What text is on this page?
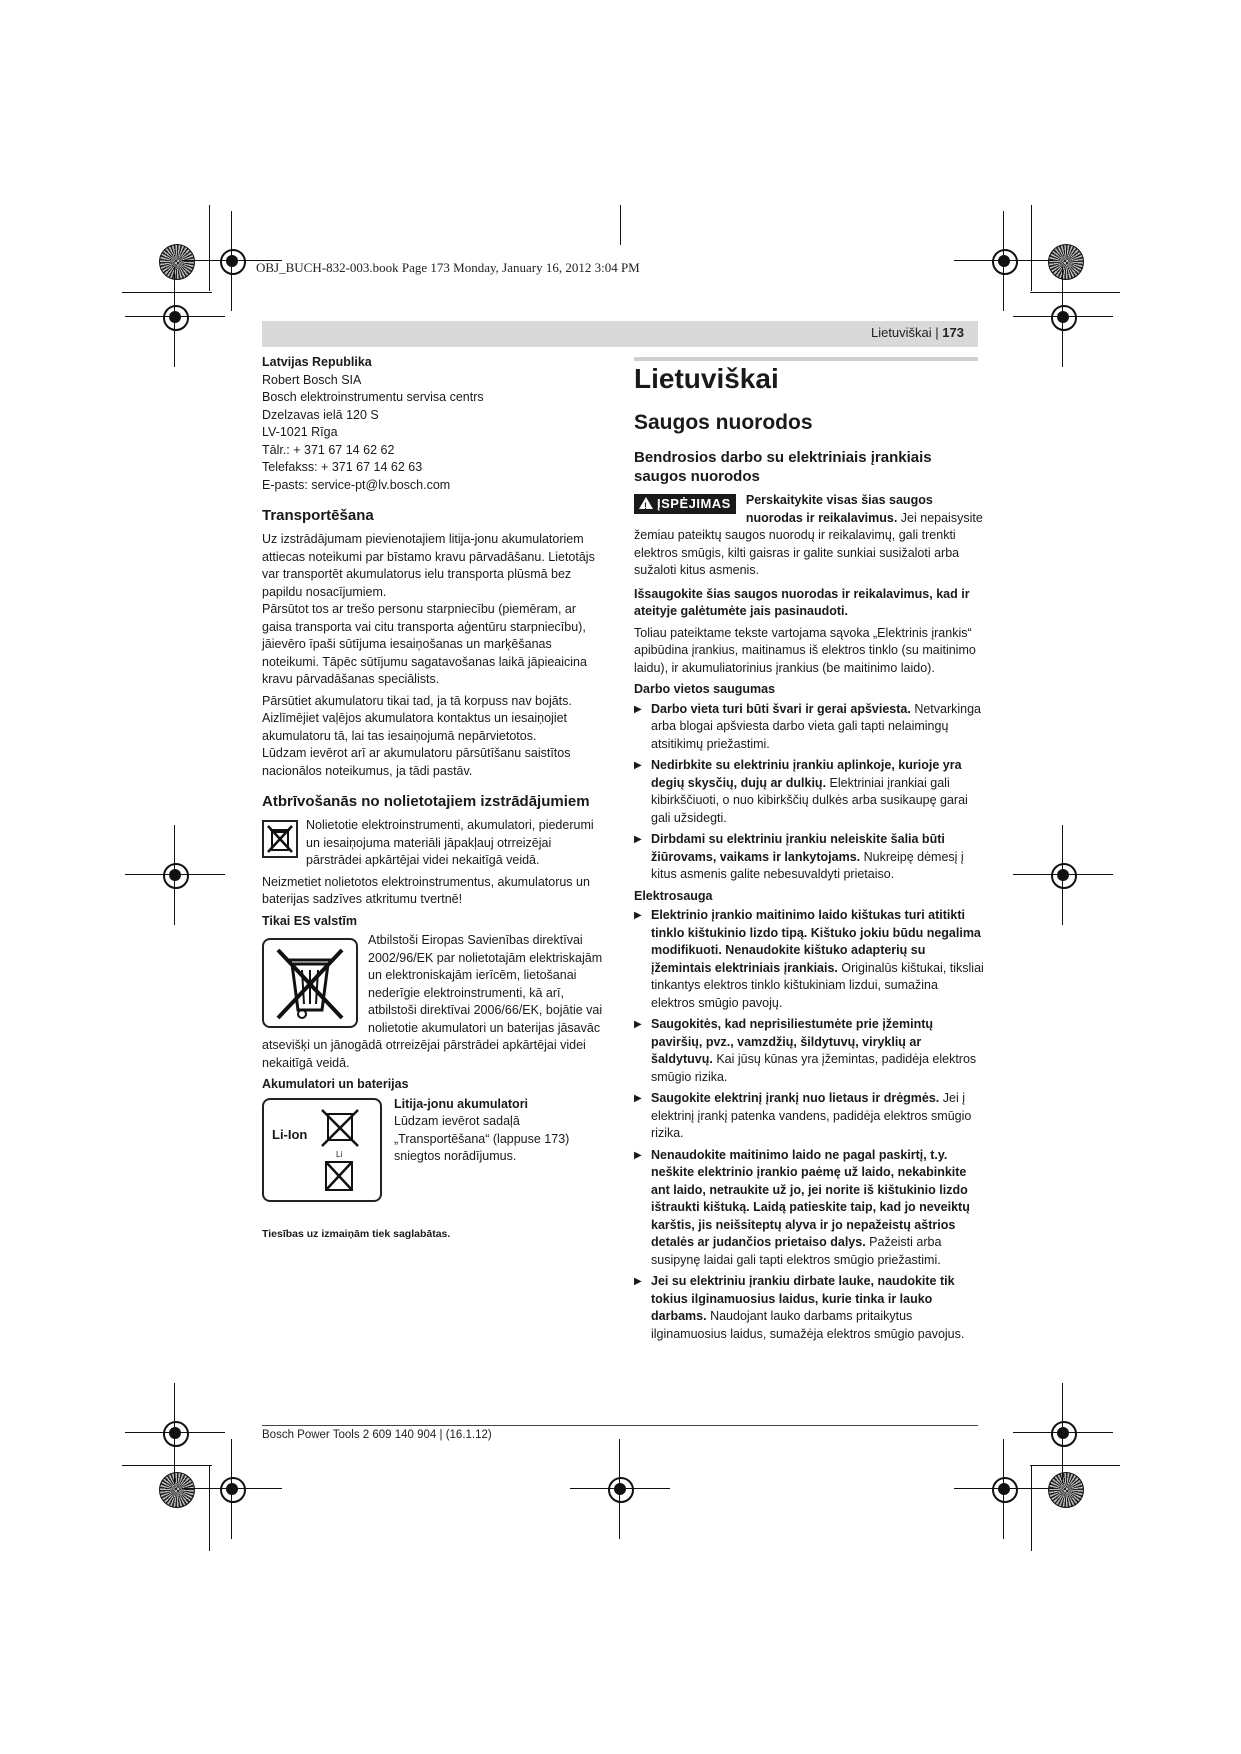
OBJ_BUCH-832-003.book Page 173 Monday, January 16, 2012 3:04 PM
Lietuviškai | 173
Latvijas Republika
Robert Bosch SIA
Bosch elektroinstrumentu servisa centrs
Dzelzavas ielā 120 S
LV-1021 Rīga
Tālr.: + 371 67 14 62 62
Telefakss: + 371 67 14 62 63
E-pasts: service-pt@lv.bosch.com
Transportēšana

Uz izstrādājumam pievienotajiem litija-jonu akumulatoriem attiecas noteikumi par bīstamo kravu pārvadāšanu. Lietotājs var transportēt akumulatorus ielu transporta plūsmā bez papildu nosacījumiem.

Pārsūtot tos ar trešo personu starpniecību (piemēram, ar gaisa transporta vai citu transporta aģentūru starpniecību), jāievēro īpaši sūtījuma iesaiņošanas un marķēšanas noteikumi. Tāpēc sūtījumu sagatavošanas laikā jāpieaicina kravu pārvadāšanas speciālists.

Pārsūtiet akumulatoru tikai tad, ja tā korpuss nav bojāts. Aizlīmējiet vaļējos akumulatora kontaktus un iesaiņojiet akumulatoru tā, lai tas iesaiņojumā nepārvietotos.

Lūdzam ievērot arī ar akumulatoru pārsūtīšanu saistītos nacionālos noteikumus, ja tādi pastāv.

Atbrīvošanās no nolietotajiem izstrādājumiem

Nolietotie elektroinstrumenti, akumulatori, piederumi un iesaiņojuma materiāli jāpakļauj otrreizējai pārstrādei apkārtējai videi nekaitīgā veidā.

Neizmetiet nolietotos elektroinstrumentus, akumulatorus un baterijas sadzīves atkritumu tvertnē!

Tikai ES valstīm

Atbilstoši Eiropas Savienības direktīvai 2002/96/EK par nolietotajām elektriskajām un elektroniskajām ierīcēm, lietošanai nederīgie elektroinstrumenti, kā arī, atbilstoši direktīvai 2006/66/EK, bojātie vai nolietotie akumulatori un baterijas jāsavāc atsevišķi un jānogādā otrreizējai pārstrādei apkārtējai videi nekaitīgā veidā.

Akumulatori un baterijas
Li-Ion
Li
Litija-jonu akumulatori

Lūdzam ievērot sadaļā „Transportēšana“ (lappuse 173) sniegtos norādījumus.

Tiesības uz izmaiņām tiek saglabātas.
Lietuviškai
Saugos nuorodos
Bendrosios darbo su elektriniais įrankiais saugos nuorodos
!ĮSPĖJIMAS	Perskaitykite visas šias saugos nuorodas ir reikalavimus. Jei nepaisysite žemiau pateiktų saugos nuorodų ir reikalavimų, gali trenkti elektros smūgis, kilti gaisras ir galite sunkiai susižaloti arba sužaloti kitus asmenis.

Išsaugokite šias saugos nuorodas ir reikalavimus, kad ir ateityje galėtumėte jais pasinaudoti.

Toliau pateiktame tekste vartojama sąvoka „Elektrinis įrankis“ apibūdina įrankius, maitinamus iš elektros tinklo (su maitinimo laidu), ir akumuliatorinius įrankius (be maitinimo laido).

Darbo vietos saugumas
▶ Darbo vieta turi būti švari ir gerai apšviesta. Netvarkinga arba blogai apšviesta darbo vieta gali tapti nelaimingų atsitikimų priežastimi.
▶ Nedirbkite su elektriniu įrankiu aplinkoje, kurioje yra degių skysčių, dujų ar dulkių. Elektriniai įrankiai gali kibirkščiuoti, o nuo kibirkščių dulkės arba susikaupę garai gali užsidegti.
▶ Dirbdami su elektriniu įrankiu neleiskite šalia būti žiūrovams, vaikams ir lankytojams. Nukreipę dėmesį į kitus asmenis galite nebesuvaldyti prietaiso.
Elektrosauga
▶ Elektrinio įrankio maitinimo laido kištukas turi atitikti tinklo kištukinio lizdo tipą. Kištuko jokiu būdu negalima modifikuoti. Nenaudokite kištuko adapterių su įžemintais elektriniais įrankiais. Originalūs kištukai, tiksliai tinkantys elektros tinklo kištukiniam lizdui, sumažina elektros smūgio pavojų.
▶ Saugokitės, kad neprisiliestumėte prie įžemintų paviršių, pvz., vamzdžių, šildytuvų, viryklių ar šaldytuvų. Kai jūsų kūnas yra įžemintas, padidėja elektros smūgio rizika.
▶ Saugokite elektrinį įrankį nuo lietaus ir drėgmės. Jei į elektrinį įrankį patenka vandens, padidėja elektros smūgio rizika.
▶ Nenaudokite maitinimo laido ne pagal paskirtį, t.y. neškite elektrinio įrankio paėmę už laido, nekabinkite ant laido, netraukite už jo, jei norite iš kištukinio lizdo ištraukti kištuką. Laidą patieskite taip, kad jo neveiktų karštis, jis neišsiteptų alyva ir jo nepažeistų aštrios detalės ar judančios prietaiso dalys. Pažeisti arba susipynę laidai gali tapti elektros smūgio priežastimi.
▶ Jei su elektriniu įrankiu dirbate lauke, naudokite tik tokius ilginamuosius laidus, kurie tinka ir lauko darbams. Naudojant lauko darbams pritaikytus ilginamuosius laidus, sumažėja elektros smūgio pavojus.
Bosch Power Tools 2 609 140 904 | (16.1.12)
